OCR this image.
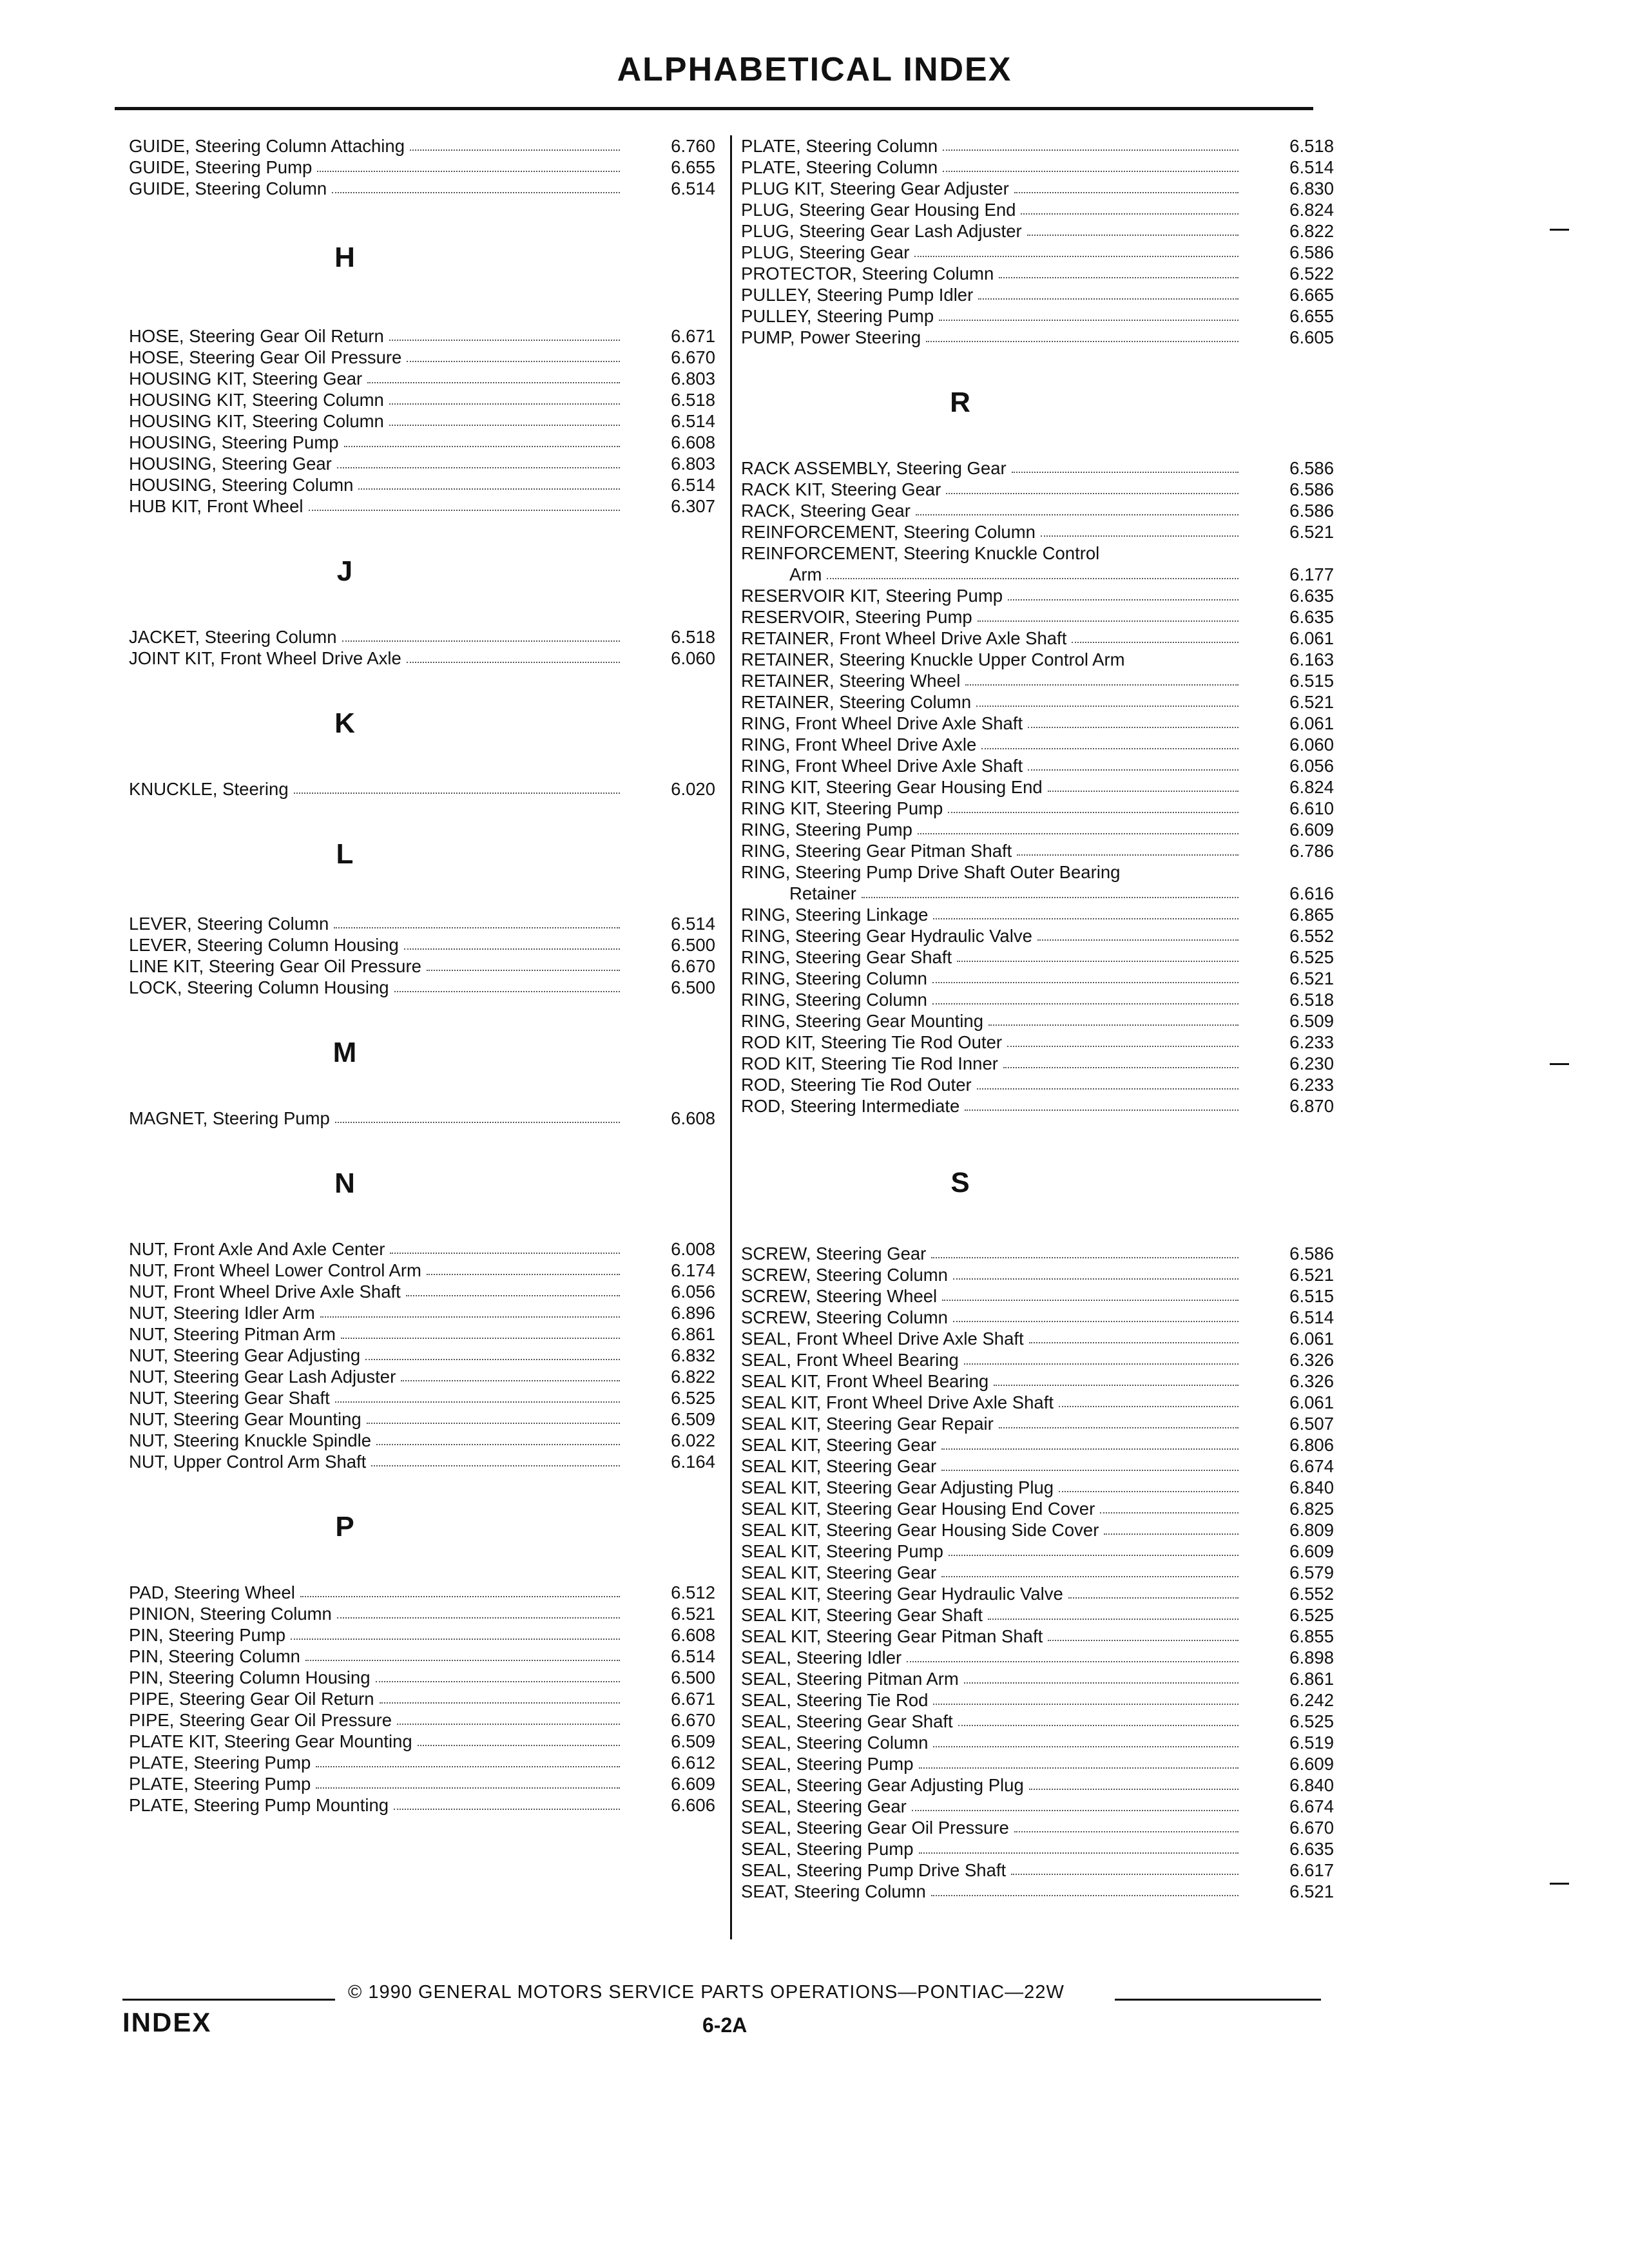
ALPHABETICAL INDEX
GUIDE, Steering Column Attaching	6.760
GUIDE, Steering Pump	6.655
GUIDE, Steering Column	6.514
H
HOSE, Steering Gear Oil Return	6.671
HOSE, Steering Gear Oil Pressure	6.670
HOUSING KIT, Steering Gear	6.803
HOUSING KIT, Steering Column	6.518
HOUSING KIT, Steering Column	6.514
HOUSING, Steering Pump	6.608
HOUSING, Steering Gear	6.803
HOUSING, Steering Column	6.514
HUB KIT, Front Wheel	6.307
J
JACKET, Steering Column	6.518
JOINT KIT, Front Wheel Drive Axle	6.060
K
KNUCKLE, Steering	6.020
L
LEVER, Steering Column	6.514
LEVER, Steering Column Housing	6.500
LINE KIT, Steering Gear Oil Pressure	6.670
LOCK, Steering Column Housing	6.500
M
MAGNET, Steering Pump	6.608
N
NUT, Front Axle And Axle Center	6.008
NUT, Front Wheel Lower Control Arm	6.174
NUT, Front Wheel Drive Axle Shaft	6.056
NUT, Steering Idler Arm	6.896
NUT, Steering Pitman Arm	6.861
NUT, Steering Gear Adjusting	6.832
NUT, Steering Gear Lash Adjuster	6.822
NUT, Steering Gear Shaft	6.525
NUT, Steering Gear Mounting	6.509
NUT, Steering Knuckle Spindle	6.022
NUT, Upper Control Arm Shaft	6.164
P
PAD, Steering Wheel	6.512
PINION, Steering Column	6.521
PIN, Steering Pump	6.608
PIN, Steering Column	6.514
PIN, Steering Column Housing	6.500
PIPE, Steering Gear Oil Return	6.671
PIPE, Steering Gear Oil Pressure	6.670
PLATE KIT, Steering Gear Mounting	6.509
PLATE, Steering Pump	6.612
PLATE, Steering Pump	6.609
PLATE, Steering Pump Mounting	6.606
PLATE, Steering Column	6.518
PLATE, Steering Column	6.514
PLUG KIT, Steering Gear Adjuster	6.830
PLUG, Steering Gear Housing End	6.824
PLUG, Steering Gear Lash Adjuster	6.822
PLUG, Steering Gear	6.586
PROTECTOR, Steering Column	6.522
PULLEY, Steering Pump Idler	6.665
PULLEY, Steering Pump	6.655
PUMP, Power Steering	6.605
R
RACK ASSEMBLY, Steering Gear	6.586
RACK KIT, Steering Gear	6.586
RACK, Steering Gear	6.586
REINFORCEMENT, Steering Column	6.521
REINFORCEMENT, Steering Knuckle Control
Arm	6.177
RESERVOIR KIT, Steering Pump	6.635
RESERVOIR, Steering Pump	6.635
RETAINER, Front Wheel Drive Axle Shaft	6.061
RETAINER, Steering Knuckle Upper Control Arm	6.163
RETAINER, Steering Wheel	6.515
RETAINER, Steering Column	6.521
RING, Front Wheel Drive Axle Shaft	6.061
RING, Front Wheel Drive Axle	6.060
RING, Front Wheel Drive Axle Shaft	6.056
RING KIT, Steering Gear Housing End	6.824
RING KIT, Steering Pump	6.610
RING, Steering Pump	6.609
RING, Steering Gear Pitman Shaft	6.786
RING, Steering Pump Drive Shaft Outer Bearing
Retainer	6.616
RING, Steering Linkage	6.865
RING, Steering Gear Hydraulic Valve	6.552
RING, Steering Gear Shaft	6.525
RING, Steering Column	6.521
RING, Steering Column	6.518
RING, Steering Gear Mounting	6.509
ROD KIT, Steering Tie Rod Outer	6.233
ROD KIT, Steering Tie Rod Inner	6.230
ROD, Steering Tie Rod Outer	6.233
ROD, Steering Intermediate	6.870
S
SCREW, Steering Gear	6.586
SCREW, Steering Column	6.521
SCREW, Steering Wheel	6.515
SCREW, Steering Column	6.514
SEAL, Front Wheel Drive Axle Shaft	6.061
SEAL, Front Wheel Bearing	6.326
SEAL KIT, Front Wheel Bearing	6.326
SEAL KIT, Front Wheel Drive Axle Shaft	6.061
SEAL KIT, Steering Gear Repair	6.507
SEAL KIT, Steering Gear	6.806
SEAL KIT, Steering Gear	6.674
SEAL KIT, Steering Gear Adjusting Plug	6.840
SEAL KIT, Steering Gear Housing End Cover	6.825
SEAL KIT, Steering Gear Housing Side Cover	6.809
SEAL KIT, Steering Pump	6.609
SEAL KIT, Steering Gear	6.579
SEAL KIT, Steering Gear Hydraulic Valve	6.552
SEAL KIT, Steering Gear Shaft	6.525
SEAL KIT, Steering Gear Pitman Shaft	6.855
SEAL, Steering Idler	6.898
SEAL, Steering Pitman Arm	6.861
SEAL, Steering Tie Rod	6.242
SEAL, Steering Gear Shaft	6.525
SEAL, Steering Column	6.519
SEAL, Steering Pump	6.609
SEAL, Steering Gear Adjusting Plug	6.840
SEAL, Steering Gear	6.674
SEAL, Steering Gear Oil Pressure	6.670
SEAL, Steering Pump	6.635
SEAL, Steering Pump Drive Shaft	6.617
SEAT, Steering Column	6.521
© 1990 GENERAL MOTORS SERVICE PARTS OPERATIONS—PONTIAC—22W
INDEX	6-2A
